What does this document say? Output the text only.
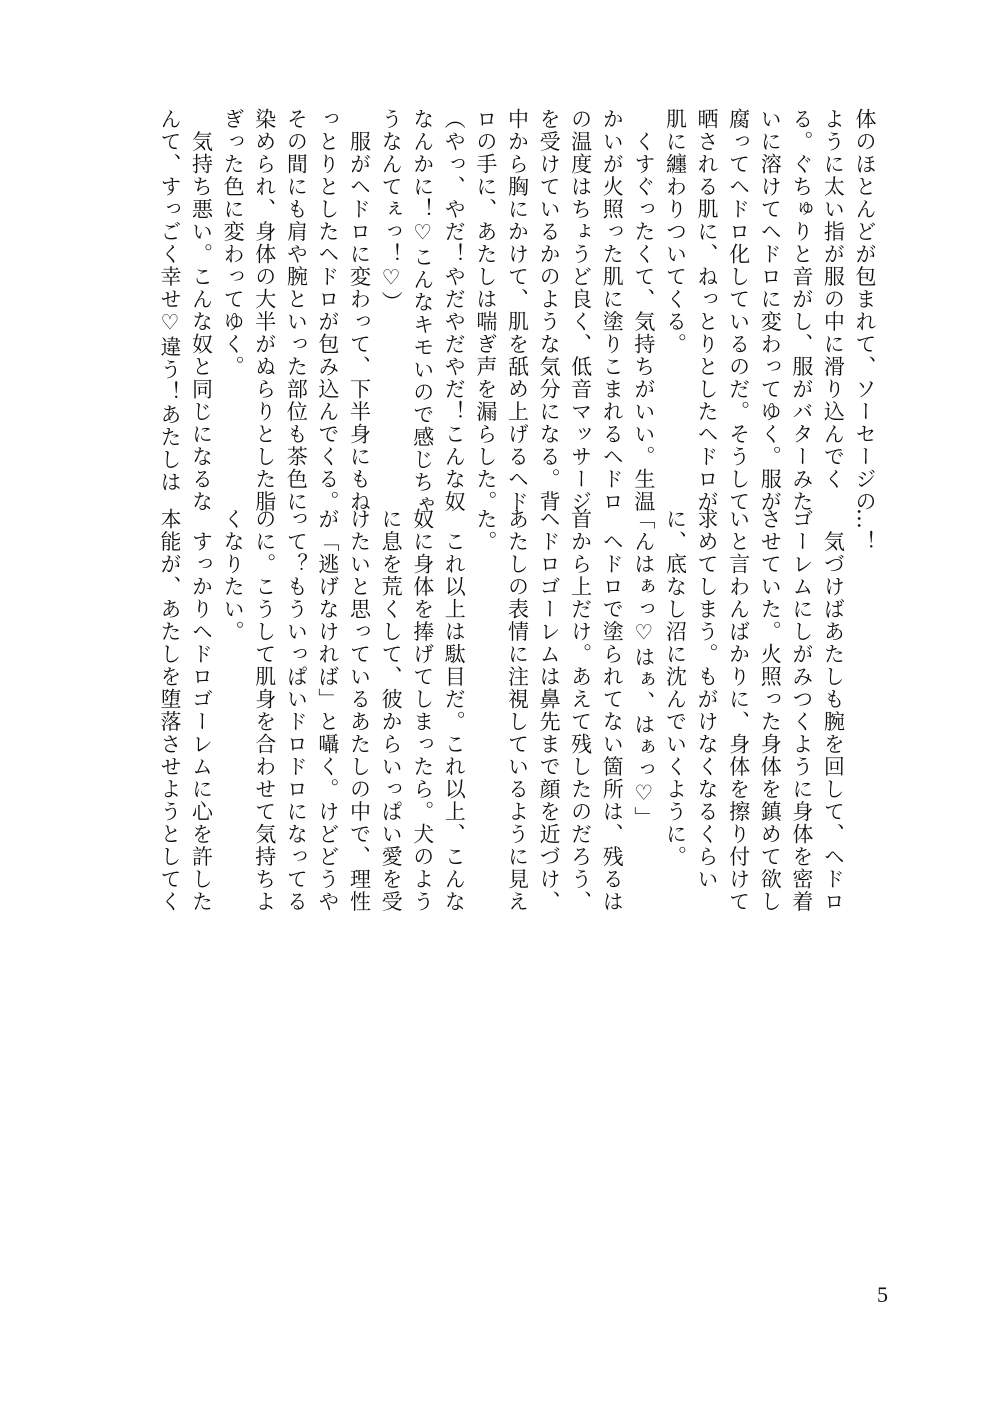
体のほとんどが包まれて、ソーセージの

ように太い指が服の中に滑り込んでく

る。ぐちゅりと音がし、服がバターみた

いに溶けてヘドロに変わってゆく。服が

腐ってヘドロ化しているのだ。そうして

晒される肌に、ねっとりとしたヘドロが

肌に纏わりついてくる。

　くすぐったくて、気持ちがいい。生温

かいが火照った肌に塗りこまれるヘドロ

の温度はちょうど良く、低音マッサージ

を受けているかのような気分になる。背

中から胸にかけて、肌を舐め上げるヘド

ロの手に、あたしは喘ぎ声を漏らした。

（やっ、やだ！やだやだやだ！こんな奴

なんかに！♡こんなキモいので感じちゃ

うなんてぇっ！♡）

　服がヘドロに変わって、下半身にもね

っとりとしたヘドロが包み込んでくる。

その間にも肩や腕といった部位も茶色に

染められ、身体の大半がぬらりとした脂

ぎった色に変わってゆく。

　気持ち悪い。こんな奴と同じになるな

んて、すっごく幸せ♡違う！あたしは

…！

　気づけばあたしも腕を回して、ヘドロ

ゴーレムにしがみつくように身体を密着

させていた。火照った身体を鎮めて欲し

いと言わんばかりに、身体を擦り付けて

求めてしまう。もがけなくなるくらい

に、底なし沼に沈んでいくように。

「んはぁっ♡はぁ、はぁっ♡」

　ヘドロで塗られてない箇所は、残るは

首から上だけ。あえて残したのだろう、

ヘドロゴーレムは鼻先まで顔を近づけ、

あたしの表情に注視しているように見え

た。

　これ以上は駄目だ。これ以上、こんな

奴に身体を捧げてしまったら。犬のよう

に息を荒くして、彼からいっぱい愛を受

けたいと思っているあたしの中で、理性

が「逃げなければ」と囁く。けどどうや

って？もういっぱいドロドロになってる

のに。こうして肌身を合わせて気持ちよ

くなりたい。

　すっかりヘドロゴーレムに心を許した

本能が、あたしを堕落させようとしてく

5
